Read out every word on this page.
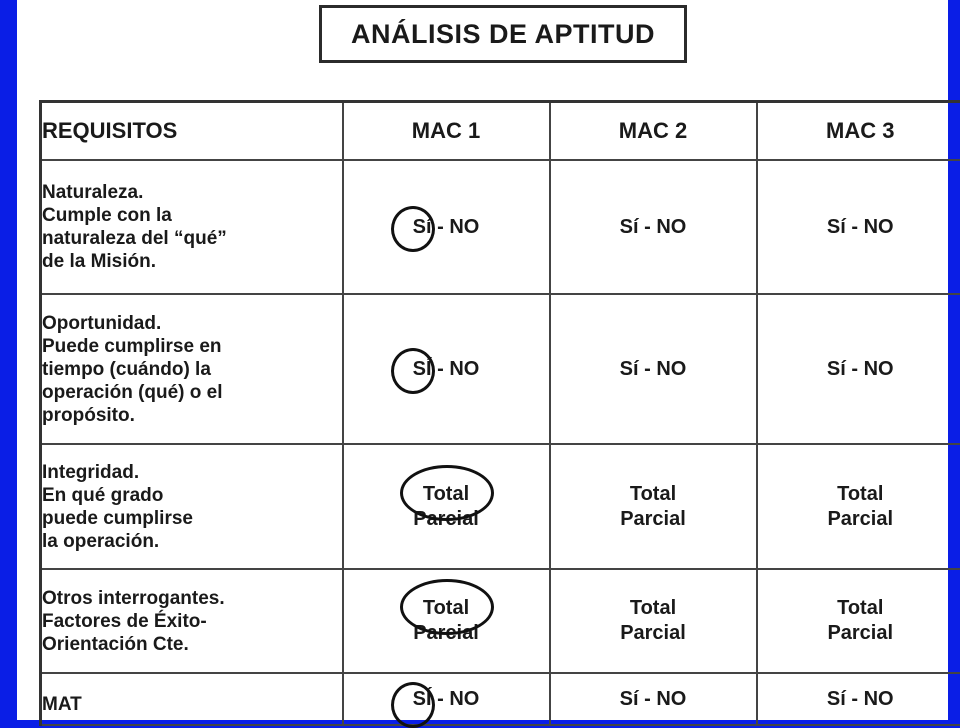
ANÁLISIS DE APTITUD
REQUISITOS	MAC 1	MAC 2	MAC 3
Naturaleza.
Cumple con la
naturaleza del “qué”
de la Misión.	Sí - NO	Sí - NO	Sí - NO
Oportunidad.
Puede cumplirse en
tiempo (cuándo) la
operación (qué) o el
propósito.	SÍ - NO	Sí - NO	Sí - NO
Integridad.
En qué grado
puede cumplirse
la operación.	Total
Parcial	Total
Parcial	Total
Parcial
Otros interrogantes.
Factores de Éxito-
Orientación Cte.	Total
Parcial	Total
Parcial	Total
Parcial
MAT	SÍ - NO	Sí - NO	Sí - NO
